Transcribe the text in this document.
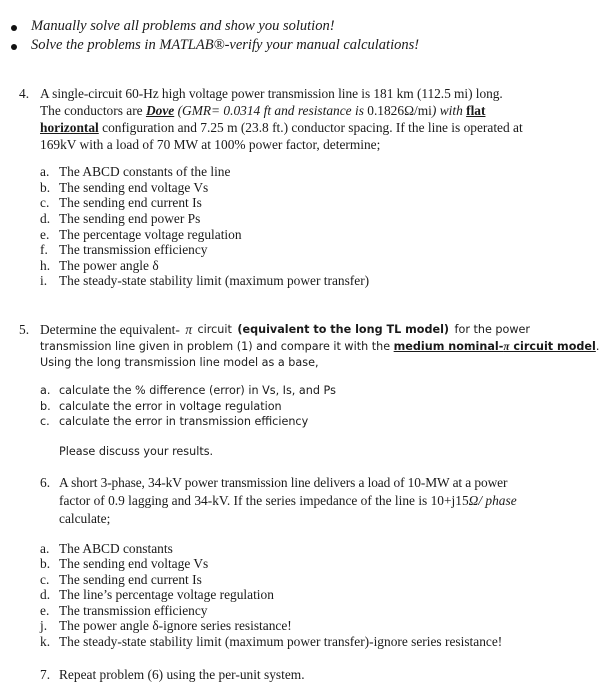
Manually solve all problems and show you solution!
Solve the problems in MATLAB®-verify your manual calculations!
4. A single-circuit 60-Hz high voltage power transmission line is 181 km (112.5 mi) long.
The conductors are Dove (GMR= 0.0314 ft and resistance is 0.1826Ω/mi) with flat
horizontal configuration and 7.25 m (23.8 ft.) conductor spacing. If the line is operated at
169kV with a load of 70 MW at 100% power factor, determine;
a. The ABCD constants of the line
b. The sending end voltage Vs
c. The sending end current Is
d. The sending end power Ps
e. The percentage voltage regulation
f. The transmission efficiency
h. The power angle δ
i. The steady-state stability limit (maximum power transfer)
5. Determine the equivalent- π circuit (equivalent to the long TL model) for the power
transmission line given in problem (1) and compare it with the medium nominal-π circuit model
Using the long transmission line model as a base,
a. calculate the % difference (error) in Vs, Is, and Ps
b. calculate the error in voltage regulation
c. calculate the error in transmission efficiency
Please discuss your results.
6. A short 3-phase, 34-kV power transmission line delivers a load of 10-MW at a power
factor of 0.9 lagging and 34-kV. If the series impedance of the line is 10+j15Ω/ phase
calculate;
a. The ABCD constants
b. The sending end voltage Vs
c. The sending end current Is
d. The line’s percentage voltage regulation
e. The transmission efficiency
j. The power angle δ-ignore series resistance!
k. The steady-state stability limit (maximum power transfer)-ignore series resistance!
7. Repeat problem (6) using the per-unit system.
